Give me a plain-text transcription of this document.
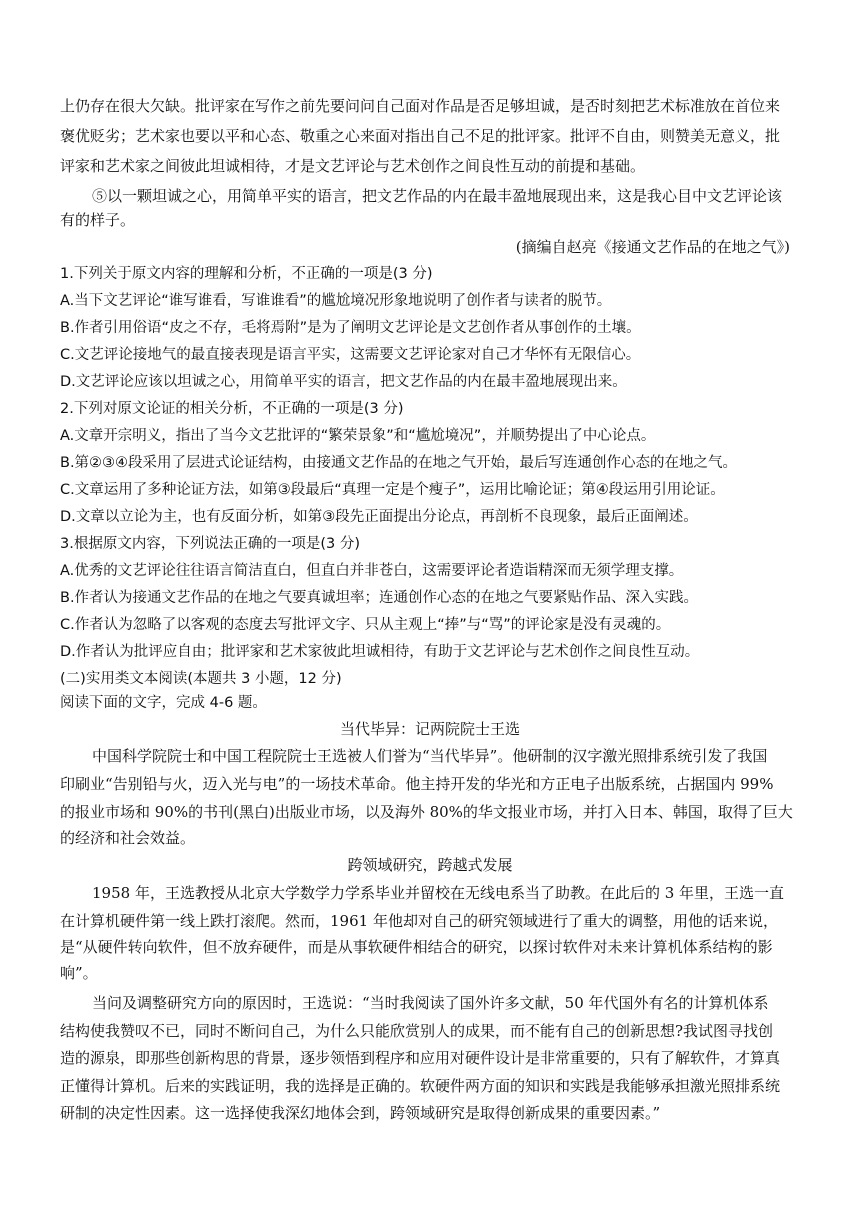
上仍存在很大欠缺。批评家在写作之前先要问问自己面对作品是否足够坦诚，是否时刻把艺术标准放在首位来
褒优贬劣；艺术家也要以平和心态、敬重之心来面对指出自己不足的批评家。批评不自由，则赞美无意义，批
评家和艺术家之间彼此坦诚相待，才是文艺评论与艺术创作之间良性互动的前提和基础。
⑤以一颗坦诚之心，用简单平实的语言，把文艺作品的内在最丰盈地展现出来，这是我心目中文艺评论该
有的样子。
(摘编自赵亮《接通文艺作品的在地之气》)
1.下列关于原文内容的理解和分析，不正确的一项是(3 分)
A.当下文艺评论“谁写谁看，写谁谁看”的尴尬境况形象地说明了创作者与读者的脱节。
B.作者引用俗语“皮之不存，毛将焉附”是为了阐明文艺评论是文艺创作者从事创作的土壤。
C.文艺评论接地气的最直接表现是语言平实，这需要文艺评论家对自己才华怀有无限信心。
D.文艺评论应该以坦诚之心，用简单平实的语言，把文艺作品的内在最丰盈地展现出来。
2.下列对原文论证的相关分析，不正确的一项是(3 分)
A.文章开宗明义，指出了当今文艺批评的“繁荣景象”和“尴尬境况”，并顺势提出了中心论点。
B.第②③④段采用了层进式论证结构，由接通文艺作品的在地之气开始，最后写连通创作心态的在地之气。
C.文章运用了多种论证方法，如第③段最后“真理一定是个瘦子”，运用比喻论证；第④段运用引用论证。
D.文章以立论为主，也有反面分析，如第③段先正面提出分论点，再剖析不良现象，最后正面阐述。
3.根据原文内容，下列说法正确的一项是(3 分)
A.优秀的文艺评论往往语言简洁直白，但直白并非苍白，这需要评论者造诣精深而无须学理支撑。
B.作者认为接通文艺作品的在地之气要真诚坦率；连通创作心态的在地之气要紧贴作品、深入实践。
C.作者认为忽略了以客观的态度去写批评文字、只从主观上“捧”与“骂”的评论家是没有灵魂的。
D.作者认为批评应自由；批评家和艺术家彼此坦诚相待，有助于文艺评论与艺术创作之间良性互动。
(二)实用类文本阅读(本题共 3 小题，12 分)
阅读下面的文字，完成 4-6 题。
当代毕异：记两院院士王选
中国科学院院士和中国工程院院士王选被人们誉为“当代毕异”。他研制的汉字激光照排系统引发了我国
印刷业“告别铅与火，迈入光与电”的一场技术革命。他主持开发的华光和方正电子出版系统，占据国内 99%
的报业市场和 90%的书刊(黑白)出版业市场，以及海外 80%的华文报业市场，并打入日本、韩国，取得了巨大
的经济和社会效益。
跨领域研究，跨越式发展
1958 年，王选教授从北京大学数学力学系毕业并留校在无线电系当了助教。在此后的 3 年里，王选一直
在计算机硬件第一线上跌打滚爬。然而，1961 年他却对自己的研究领域进行了重大的调整，用他的话来说，
是“从硬件转向软件，但不放弃硬件，而是从事软硬件相结合的研究，以探讨软件对未来计算机体系结构的影
响”。
当问及调整研究方向的原因时，王选说：“当时我阅读了国外许多文献，50 年代国外有名的计算机体系
结构使我赞叹不已，同时不断问自己，为什么只能欣赏别人的成果，而不能有自己的创新思想?我试图寻找创
造的源泉，即那些创新构思的背景，逐步领悟到程序和应用对硬件设计是非常重要的，只有了解软件，才算真
正懂得计算机。后来的实践证明，我的选择是正确的。软硬件两方面的知识和实践是我能够承担激光照排系统
研制的决定性因素。这一选择使我深幻地体会到，跨领域研究是取得创新成果的重要因素。”
